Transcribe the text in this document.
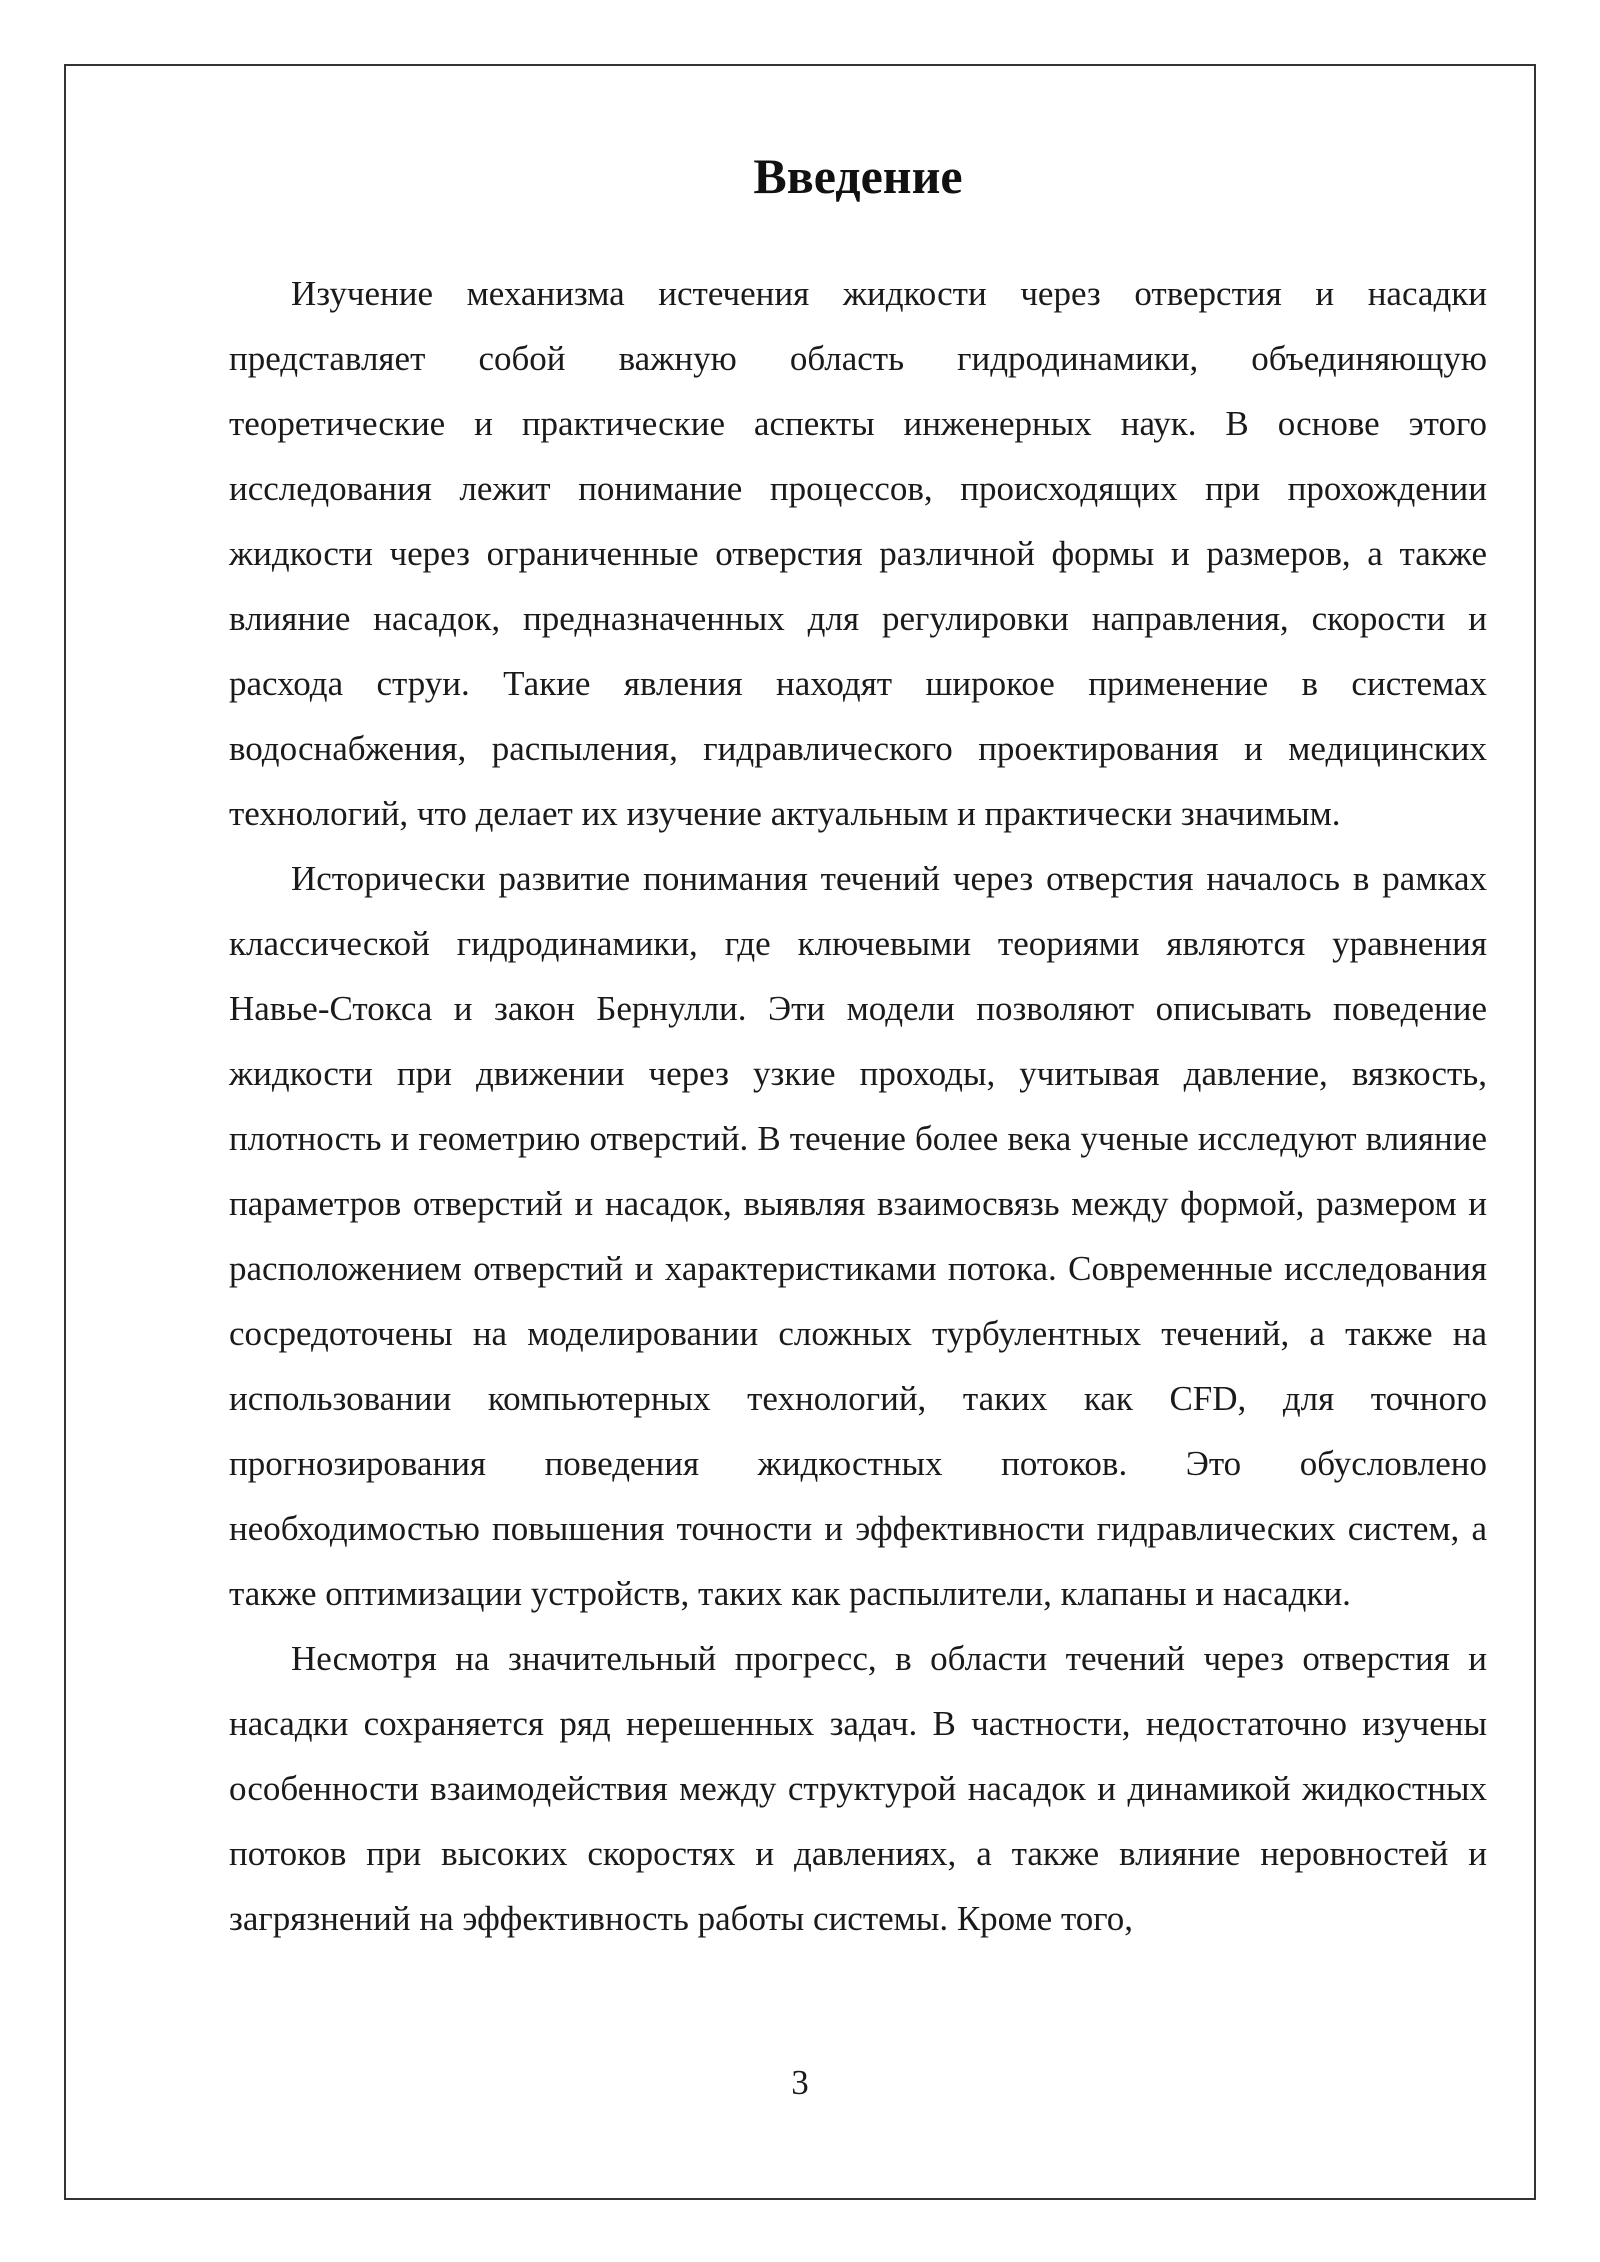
Введение

Изучение механизма истечения жидкости через отверстия и насадки представляет собой важную область гидродинамики, объединяющую теоретические и практические аспекты инженерных наук. В основе этого исследования лежит понимание процессов, происходящих при прохождении жидкости через ограниченные отверстия различной формы и размеров, а также влияние насадок, предназначенных для регулировки направления, скорости и расхода струи. Такие явления находят широкое применение в системах водоснабжения, распыления, гидравлического проектирования и медицинских технологий, что делает их изучение актуальным и практически значимым.

Исторически развитие понимания течений через отверстия началось в рамках классической гидродинамики, где ключевыми теориями являются уравнения Навье-Стокса и закон Бернулли. Эти модели позволяют описывать поведение жидкости при движении через узкие проходы, учитывая давление, вязкость, плотность и геометрию отверстий. В течение более века ученые исследуют влияние параметров отверстий и насадок, выявляя взаимосвязь между формой, размером и расположением отверстий и характеристиками потока. Современные исследования сосредоточены на моделировании сложных турбулентных течений, а также на использовании компьютерных технологий, таких как CFD, для точного прогнозирования поведения жидкостных потоков. Это обусловлено необходимостью повышения точности и эффективности гидравлических систем, а также оптимизации устройств, таких как распылители, клапаны и насадки.

Несмотря на значительный прогресс, в области течений через отверстия и насадки сохраняется ряд нерешенных задач. В частности, недостаточно изучены особенности взаимодействия между структурой насадок и динамикой жидкостных потоков при высоких скоростях и давлениях, а также влияние неровностей и загрязнений на эффективность работы системы. Кроме того,

3
